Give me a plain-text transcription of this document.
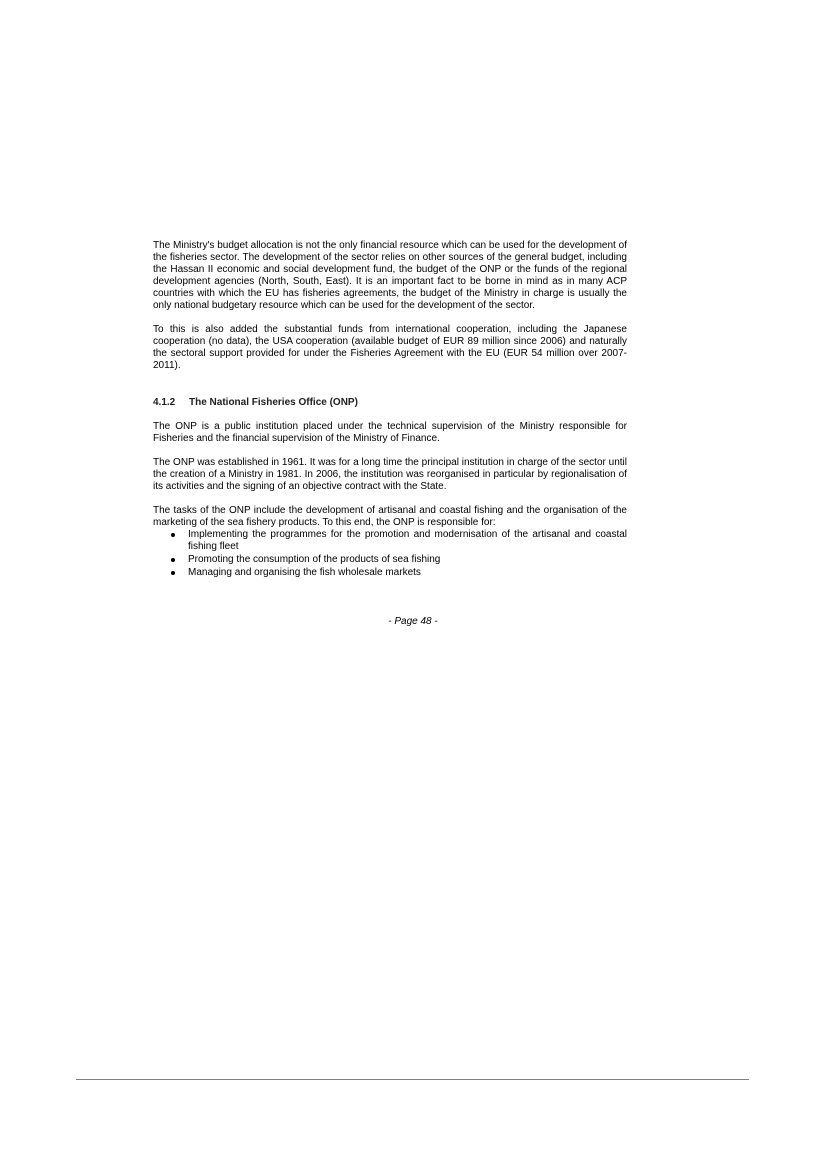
The Ministry's budget allocation is not the only financial resource which can be used for the development of the fisheries sector. The development of the sector relies on other sources of the general budget, including the Hassan II economic and social development fund, the budget of the ONP or the funds of the regional development agencies (North, South, East). It is an important fact to be borne in mind as in many ACP countries with which the EU has fisheries agreements, the budget of the Ministry in charge is usually the only national budgetary resource which can be used for the development of the sector.

To this is also added the substantial funds from international cooperation, including the Japanese cooperation (no data), the USA cooperation (available budget of EUR 89 million since 2006) and naturally the sectoral support provided for under the Fisheries Agreement with the EU (EUR 54 million over 2007-2011).

4.1.2	The National Fisheries Office (ONP)

The ONP is a public institution placed under the technical supervision of the Ministry responsible for Fisheries and the financial supervision of the Ministry of Finance.

The ONP was established in 1961. It was for a long time the principal institution in charge of the sector until the creation of a Ministry in 1981. In 2006, the institution was reorganised in particular by regionalisation of its activities and the signing of an objective contract with the State.

The tasks of the ONP include the development of artisanal and coastal fishing and the organisation of the marketing of the sea fishery products. To this end, the ONP is responsible for:

Implementing the programmes for the promotion and modernisation of the artisanal and coastal fishing fleet
Promoting the consumption of the products of sea fishing
Managing and organising the fish wholesale markets
- Page 48 -
